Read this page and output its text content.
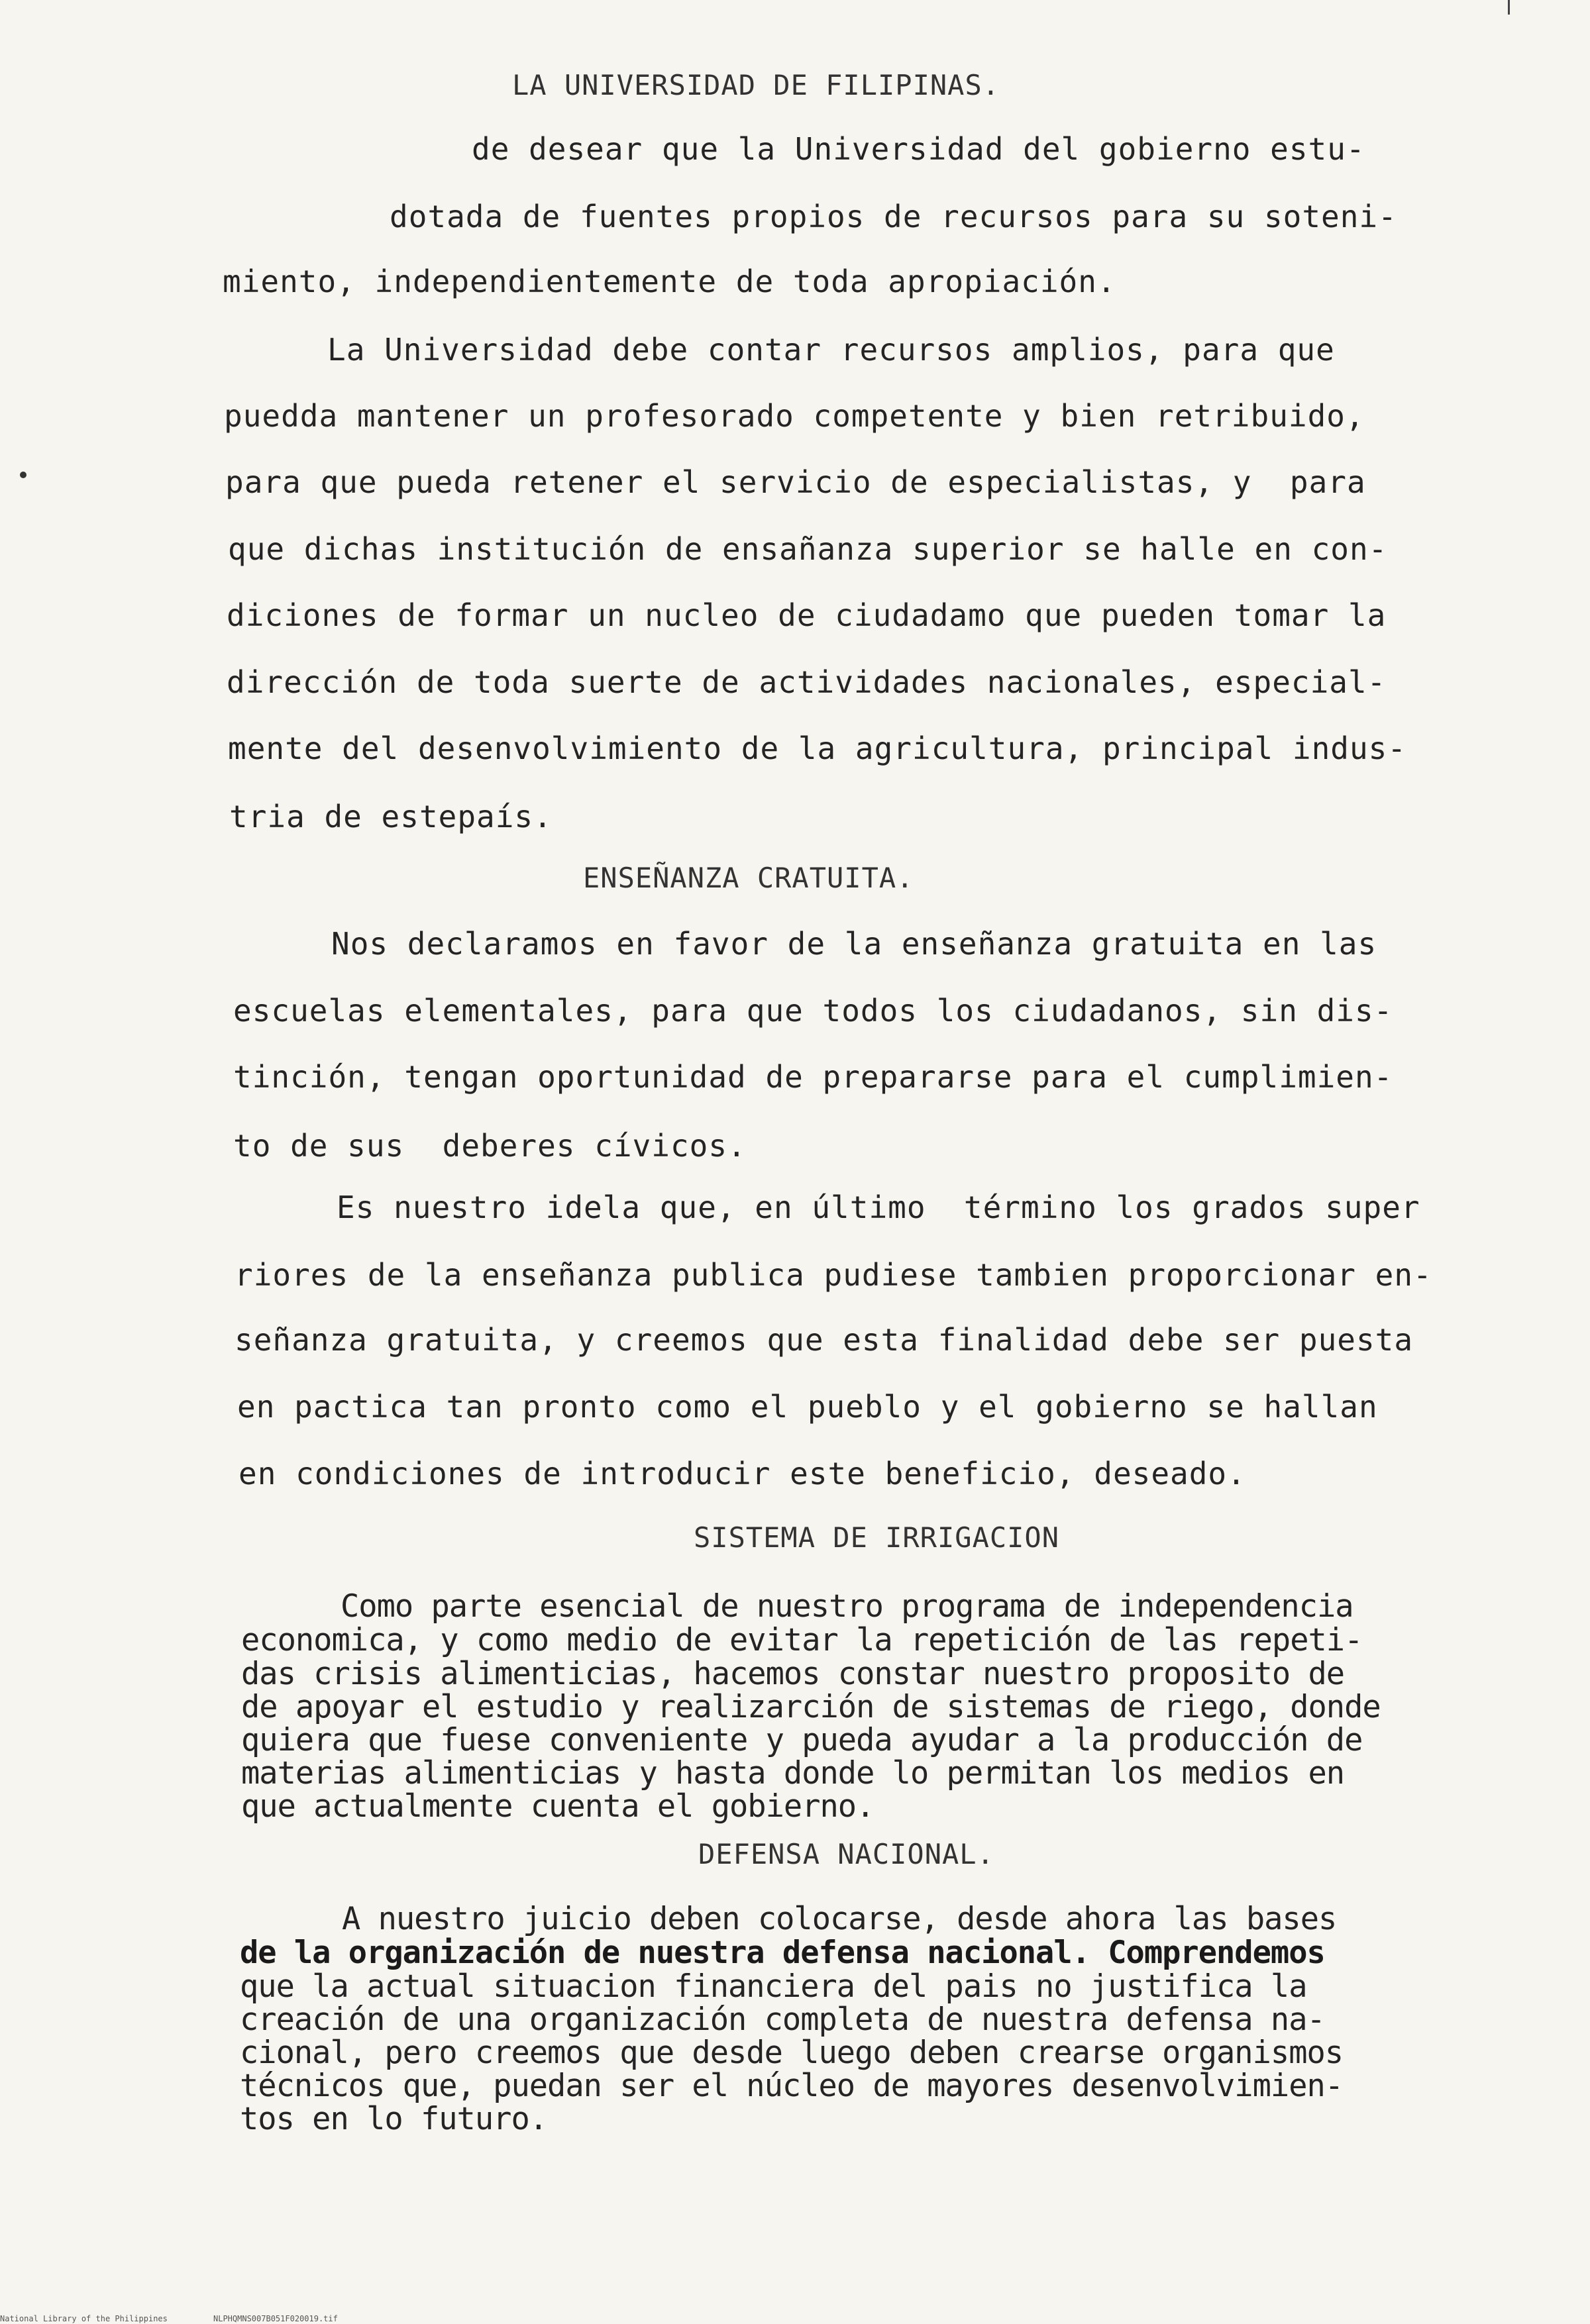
LA UNIVERSIDAD DE FILIPINAS.
de desear que la Universidad del gobierno estu-
dotada de fuentes propios de recursos para su soteni-
miento, independientemente de toda apropiación.
La Universidad debe contar recursos amplios, para que
puedda mantener un profesorado competente y bien retribuido,
para que pueda retener el servicio de especialistas, y  para
que dichas institución de ensañanza superior se halle en con-
diciones de formar un nucleo de ciudadamo que pueden tomar la
dirección de toda suerte de actividades nacionales, especial-
mente del desenvolvimiento de la agricultura, principal indus-
tria de estepaís.
ENSEÑANZA CRATUITA.
Nos declaramos en favor de la enseñanza gratuita en las
escuelas elementales, para que todos los ciudadanos, sin dis-
tinción, tengan oportunidad de prepararse para el cumplimien-
to de sus  deberes cívicos.
Es nuestro idela que, en último  término los grados super
riores de la enseñanza publica pudiese tambien proporcionar en-
señanza gratuita, y creemos que esta finalidad debe ser puesta
en pactica tan pronto como el pueblo y el gobierno se hallan
en condiciones de introducir este beneficio, deseado.
SISTEMA DE IRRIGACION
Como parte esencial de nuestro programa de independencia
economica, y como medio de evitar la repetición de las repeti-
das crisis alimenticias, hacemos constar nuestro proposito de
de apoyar el estudio y realizarción de sistemas de riego, donde
quiera que fuese conveniente y pueda ayudar a la producción de
materias alimenticias y hasta donde lo permitan los medios en
que actualmente cuenta el gobierno.
DEFENSA NACIONAL.
A nuestro juicio deben colocarse, desde ahora las bases
de la organización de nuestra defensa nacional. Comprendemos
que la actual situacion financiera del pais no justifica la
creación de una organización completa de nuestra defensa na-
cional, pero creemos que desde luego deben crearse organismos
técnicos que, puedan ser el núcleo de mayores desenvolvimien-
tos en lo futuro.
National Library of the Philippines	NLPHQMNS007B051F020019.tif
